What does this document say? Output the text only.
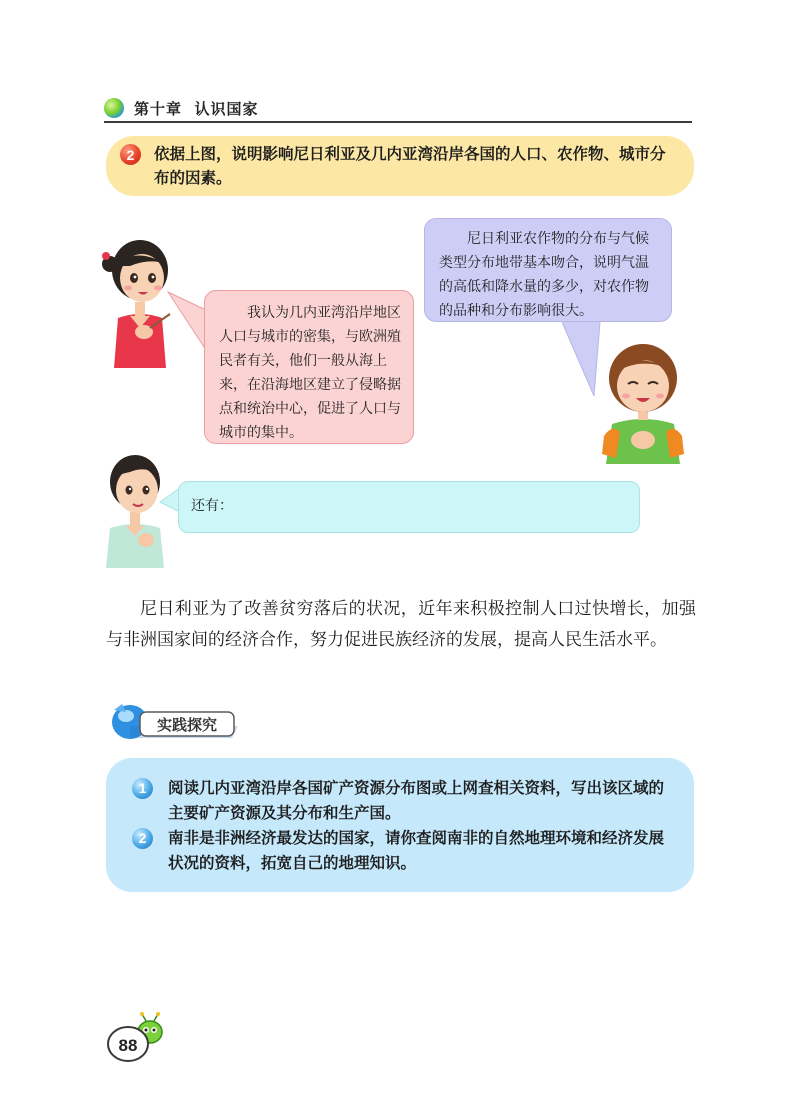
第十章
认识国家
2	依据上图，说明影响尼日利亚及几内亚湾沿岸各国的人口、农作物、城市分布的因素。
我认为几内亚湾沿岸地区人口与城市的密集，与欧洲殖民者有关，他们一般从海上来，在沿海地区建立了侵略据点和统治中心，促进了人口与城市的集中。
尼日利亚农作物的分布与气候类型分布地带基本吻合，说明气温的高低和降水量的多少，对农作物的品种和分布影响很大。
还有：
尼日利亚为了改善贫穷落后的状况，近年来积极控制人口过快增长，加强与非洲国家间的经济合作，努力促进民族经济的发展，提高人民生活水平。
实践探究
1	阅读几内亚湾沿岸各国矿产资源分布图或上网查相关资料，写出该区域的主要矿产资源及其分布和生产国。
2	南非是非洲经济最发达的国家，请你查阅南非的自然地理环境和经济发展状况的资料，拓宽自己的地理知识。
88
